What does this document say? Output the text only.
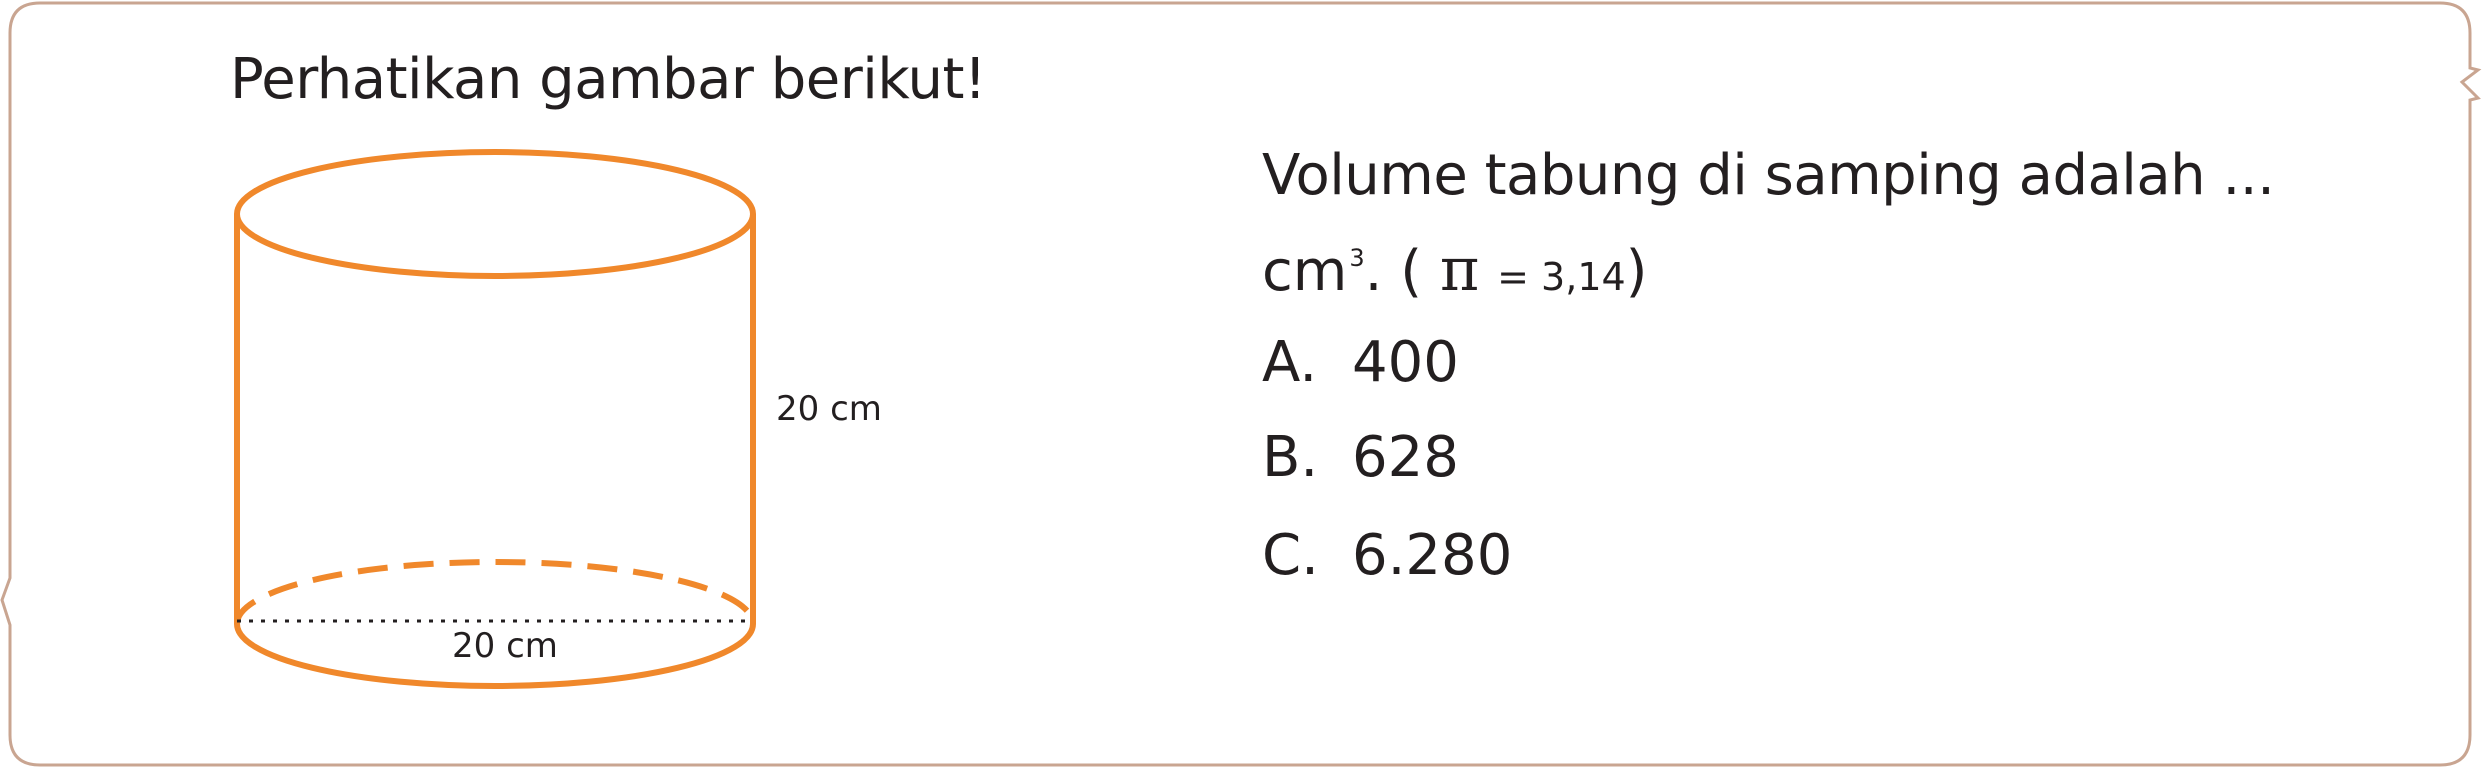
Perhatikan gambar berikut!
20 cm
20 cm
Volume tabung di samping adalah ...
$cm^3$. ( π = 3,14)
A. 400
B. 628
C. 6.280
